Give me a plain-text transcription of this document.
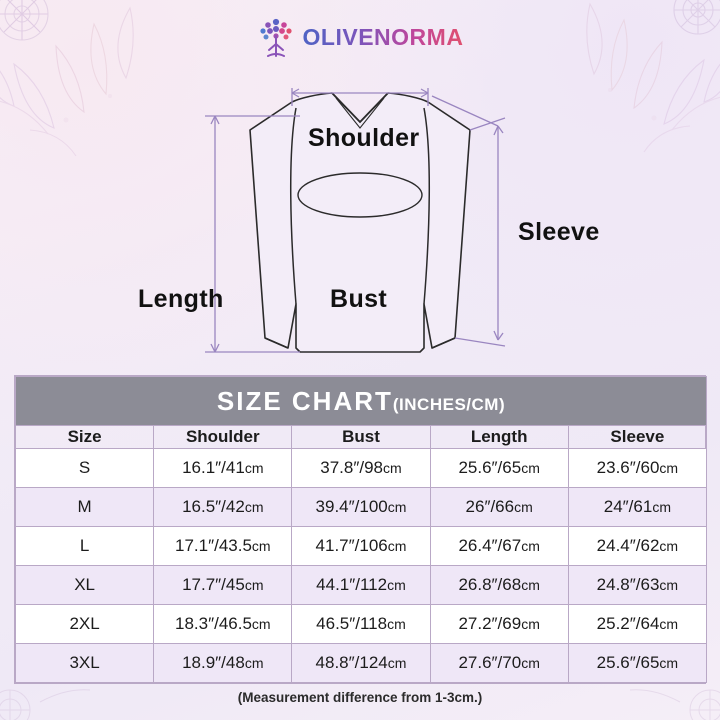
OLIVENORMA
Shoulder
Sleeve
Length	Bust
SIZE CHART(INCHES/CM)				
Size	Shoulder	Bust	Length	Sleeve
S	16.1″/41cm	37.8″/98cm	25.6″/65cm	23.6″/60cm
M	16.5″/42cm	39.4″/100cm	26″/66cm	24″/61cm
L	17.1″/43.5cm	41.7″/106cm	26.4″/67cm	24.4″/62cm
XL	17.7″/45cm	44.1″/112cm	26.8″/68cm	24.8″/63cm
2XL	18.3″/46.5cm	46.5″/118cm	27.2″/69cm	25.2″/64cm
3XL	18.9″/48cm	48.8″/124cm	27.6″/70cm	25.6″/65cm
(Measurement difference from 1-3cm.)
